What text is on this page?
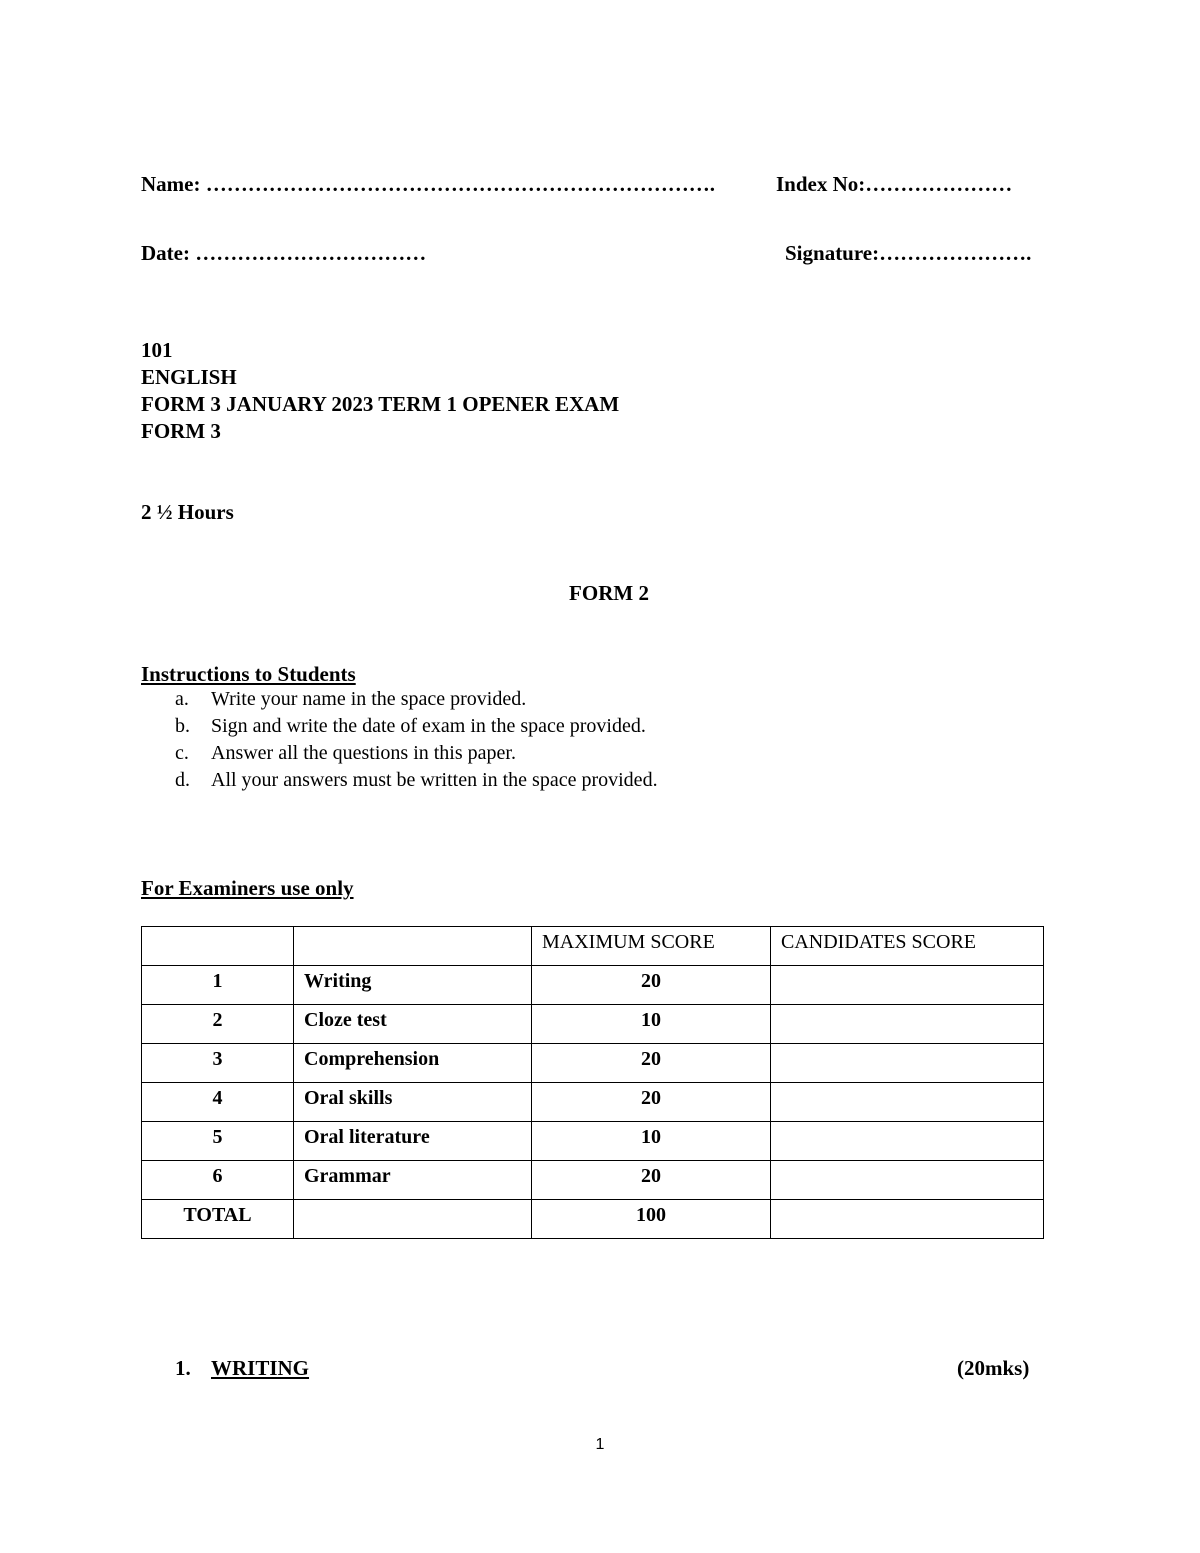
Name: ……………………………………………………………….	Index No:…………………
Date: ……………………………	Signature:………………….
101
ENGLISH
FORM 3 JANUARY 2023 TERM 1 OPENER EXAM
FORM 3
2 ½ Hours
FORM 2
Instructions to Students
a. Write your name in the space provided.
b. Sign and write the date of exam in the space provided.
c. Answer all the questions in this paper.
d. All your answers must be written in the space provided.
For Examiners use only
		MAXIMUM SCORE	CANDIDATES SCORE
1	Writing	20	
2	Cloze test	10	
3	Comprehension	20	
4	Oral skills	20	
5	Oral literature	10	
6	Grammar	20	
TOTAL		100	
1. WRITING	(20mks)
1
